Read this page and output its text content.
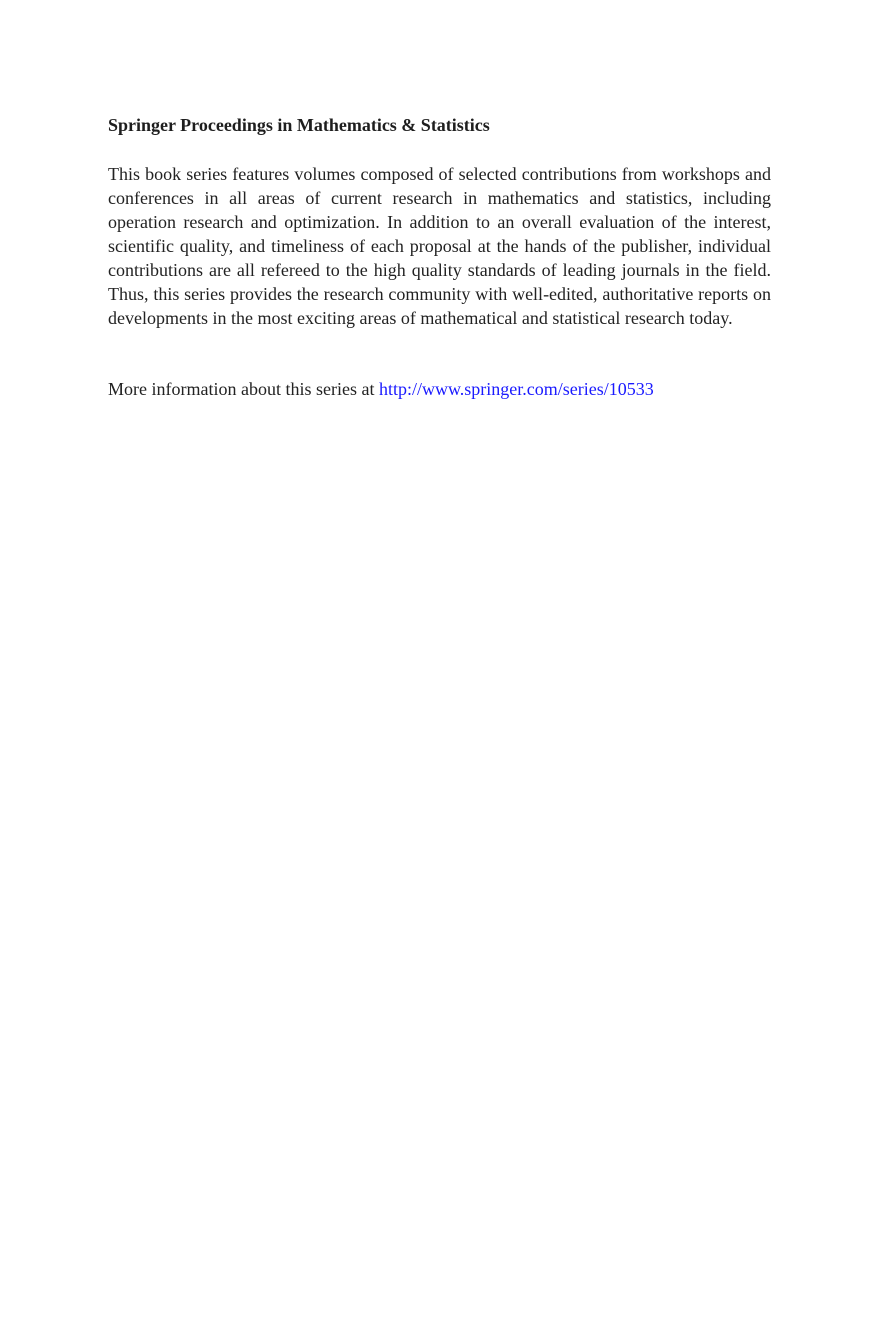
Springer Proceedings in Mathematics & Statistics

This book series features volumes composed of selected contributions from workshops and conferences in all areas of current research in mathematics and statistics, including operation research and optimization. In addition to an overall evaluation of the interest, scientific quality, and timeliness of each proposal at the hands of the publisher, individual contributions are all refereed to the high quality standards of leading journals in the field. Thus, this series provides the research community with well-edited, authoritative reports on developments in the most exciting areas of mathematical and statistical research today.

More information about this series at http://www.springer.com/series/10533
